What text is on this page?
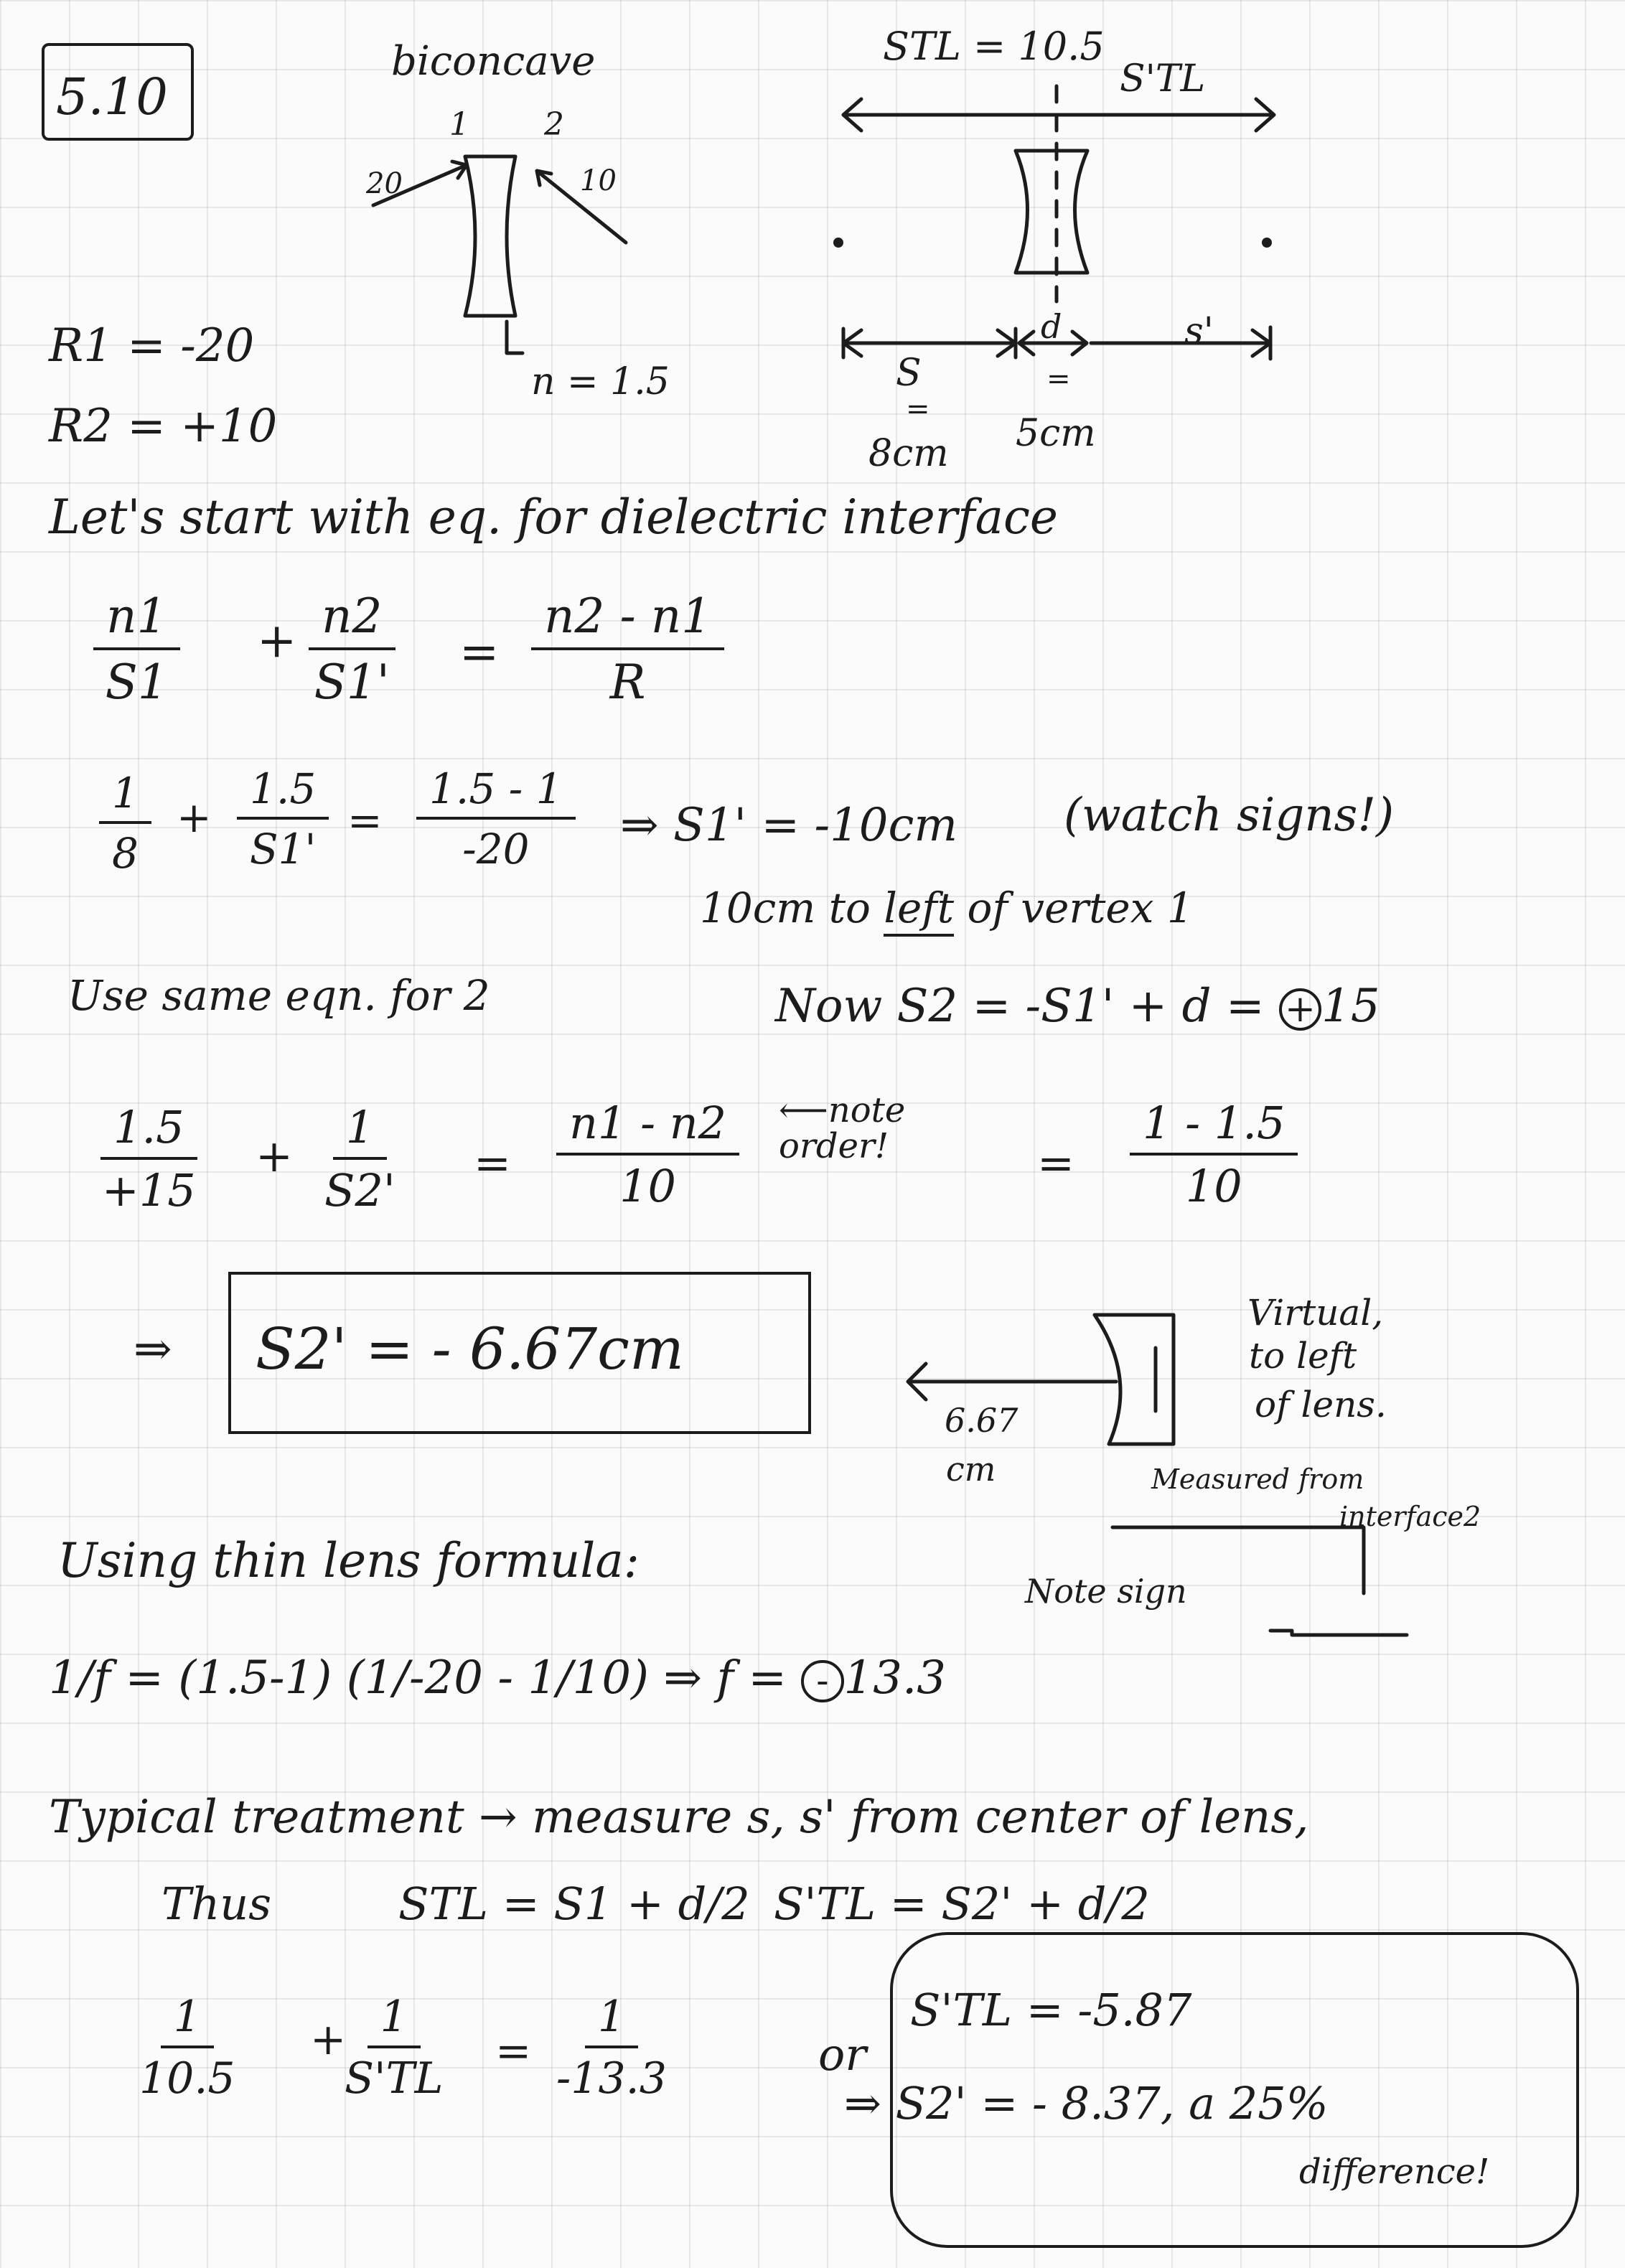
5.10
biconcave
1 2
20	10
n = 1.5
STL = 10.5
S'TL
S
d	s'
=
=
8cm 5cm
R1 = -20
R2 = +10
Let's start with eq. for dielectric interface
$\frac{n1}{S1} + \frac{n2}{S1'} = \frac{n2 - n1}{R}$
$\frac{1}{8} + \frac{1.5}{S1'} = \frac{1.5 - 1}{-20}$ ⇒ S1' = -10cm (watch signs!)
10cm to left of vertex 1
Use same eqn. for 2	Now S2 = -S1' + d = + 15
$\frac{1.5}{+15} + \frac{1}{S2'} = \frac{n1 - n2}{10}$ ⟵note order!	= $\frac{1 - 1.5}{10}$
⇒ S2' = - 6.67cm
6.67
cm
Virtual,
to left
of lens.
Measured from
interface2
Using thin lens formula:
Note sign
1/f = (1.5-1) (1/-20 - 1/10) ⇒ f = - 13.3
Typical treatment → measure s, s' from center of lens,
Thus	STL = S1 + d/2 S'TL = S2' + d/2
$\frac{1}{10.5}$ +
$\frac{1}{S'TL} = \frac{1}{-13.3}$	or
S'TL = -5.87
⇒ S2' = - 8.37, a 25%
difference!
